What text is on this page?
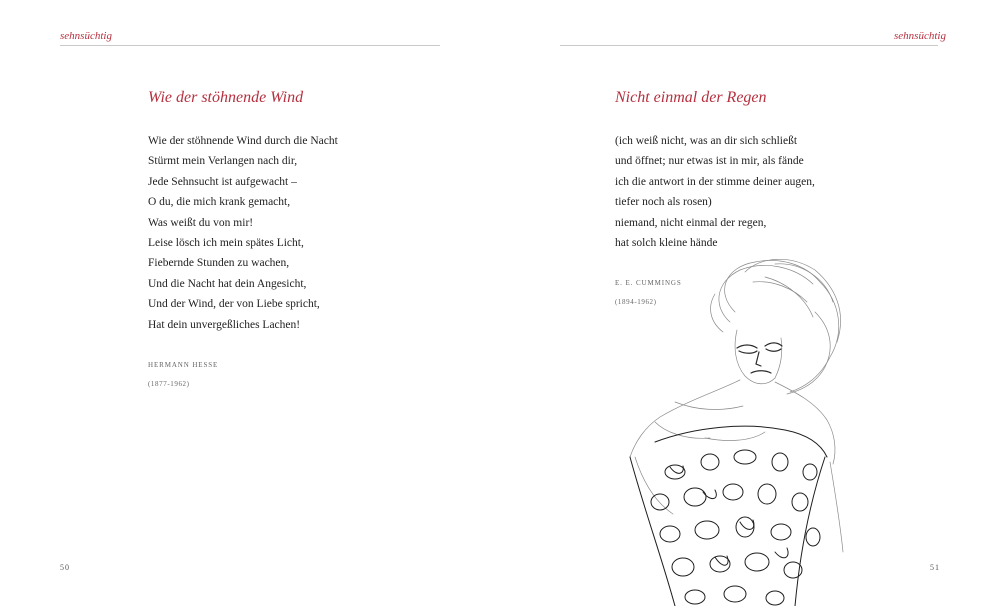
sehnsüchtig
Wie der stöhnende Wind
Wie der stöhnende Wind durch die Nacht
Stürmt mein Verlangen nach dir,
Jede Sehnsucht ist aufgewacht –
O du, die mich krank gemacht,
Was weißt du von mir!
Leise lösch ich mein spätes Licht,
Fiebernde Stunden zu wachen,
Und die Nacht hat dein Angesicht,
Und der Wind, der von Liebe spricht,
Hat dein unvergeßliches Lachen!
HERMANN HESSE
(1877-1962)
50
sehnsüchtig
Nicht einmal der Regen
(ich weiß nicht, was an dir sich schließt
und öffnet; nur etwas ist in mir, als fände
ich die antwort in der stimme deiner augen,
tiefer noch als rosen)
niemand, nicht einmal der regen,
hat solch kleine hände
E. E. CUMMINGS
(1894-1962)
51
